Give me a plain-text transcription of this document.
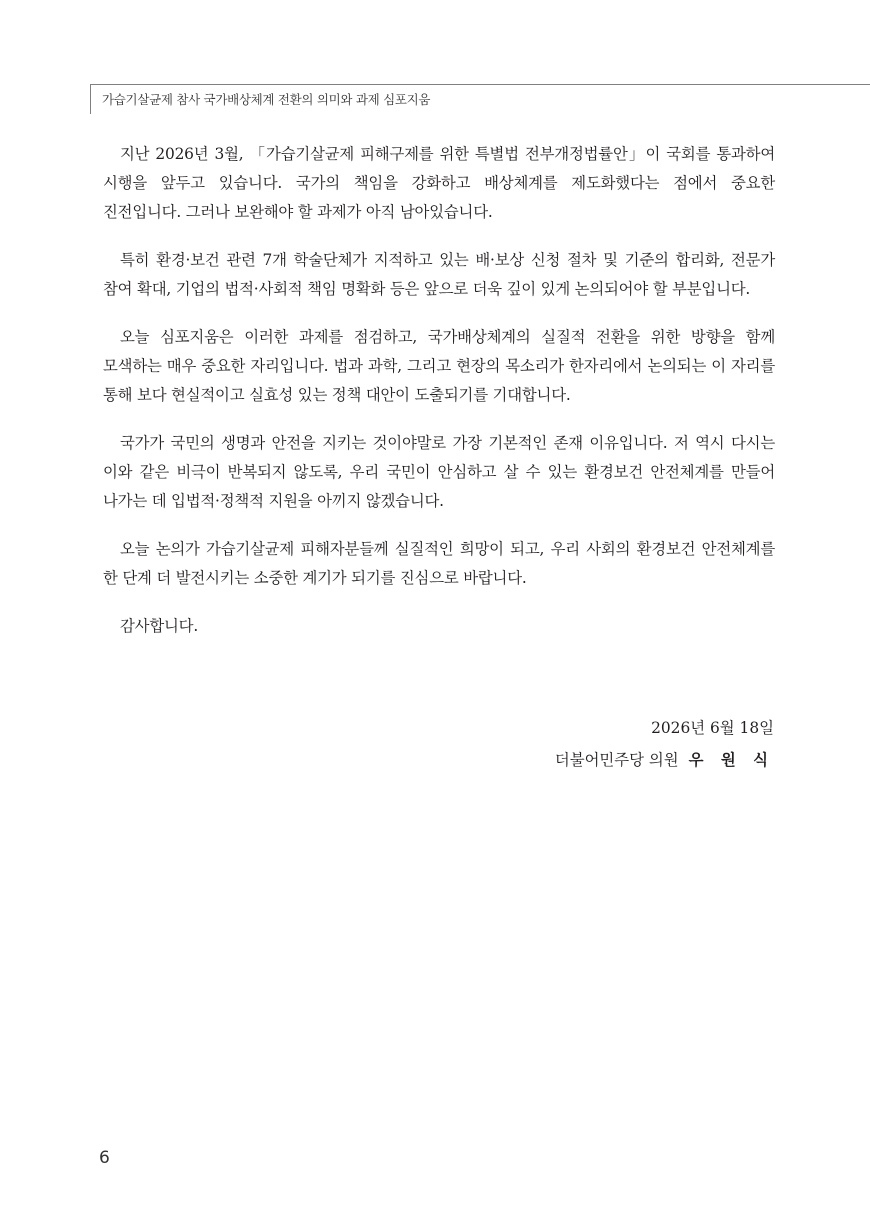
가습기살균제 참사 국가배상체계 전환의 의미와 과제 심포지움

지난 2026년 3월, 「가습기살균제 피해구제를 위한 특별법 전부개정법률안」이 국회를 통과하여 시행을 앞두고 있습니다. 국가의 책임을 강화하고 배상체계를 제도화했다는 점에서 중요한 진전입니다. 그러나 보완해야 할 과제가 아직 남아있습니다.

특히 환경·보건 관련 7개 학술단체가 지적하고 있는 배·보상 신청 절차 및 기준의 합리화, 전문가 참여 확대, 기업의 법적·사회적 책임 명확화 등은 앞으로 더욱 깊이 있게 논의되어야 할 부분입니다.

오늘 심포지움은 이러한 과제를 점검하고, 국가배상체계의 실질적 전환을 위한 방향을 함께 모색하는 매우 중요한 자리입니다. 법과 과학, 그리고 현장의 목소리가 한자리에서 논의되는 이 자리를 통해 보다 현실적이고 실효성 있는 정책 대안이 도출되기를 기대합니다.

국가가 국민의 생명과 안전을 지키는 것이야말로 가장 기본적인 존재 이유입니다. 저 역시 다시는 이와 같은 비극이 반복되지 않도록, 우리 국민이 안심하고 살 수 있는 환경보건 안전체계를 만들어 나가는 데 입법적·정책적 지원을 아끼지 않겠습니다.

오늘 논의가 가습기살균제 피해자분들께 실질적인 희망이 되고, 우리 사회의 환경보건 안전체계를 한 단계 더 발전시키는 소중한 계기가 되기를 진심으로 바랍니다.

감사합니다.

2026년 6월 18일
더불어민주당 의원 우 원 식
6
